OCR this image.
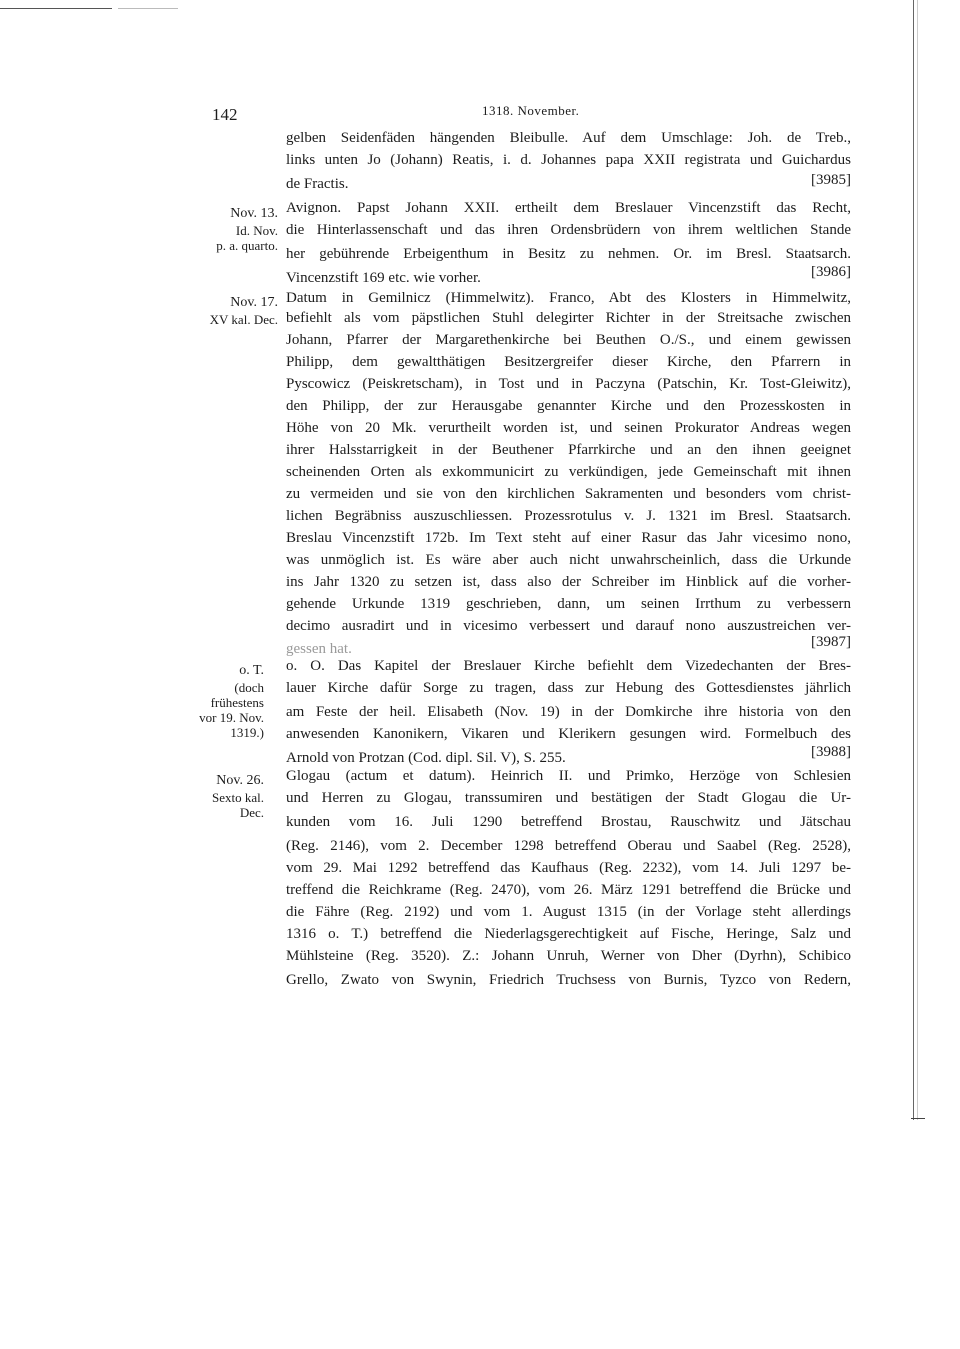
142	1318. November.
gelben Seidenfäden hängenden Bleibulle. Auf dem Umschlage: Joh. de Treb.,
links unten Jo (Johann) Reatis, i. d. Johannes papa XXII registrata und Guichardus
de Fractis.	[3985]
Avignon. Papst Johann XXII. ertheilt dem Breslauer Vincenzstift das Recht,
die Hinterlassenschaft und das ihren Ordensbrüdern von ihrem weltlichen Stande
her gebührende Erbeigenthum in Besitz zu nehmen. Or. im Bresl. Staatsarch.
Vincenzstift 169 etc. wie vorher.	[3986]
Datum in Gemilnicz (Himmelwitz). Franco, Abt des Klosters in Himmelwitz,
befiehlt als vom päpstlichen Stuhl delegirter Richter in der Streitsache zwischen
Johann, Pfarrer der Margarethenkirche bei Beuthen O./S., und einem gewissen
Philipp, dem gewaltthätigen Besitzergreifer dieser Kirche, den Pfarrern in
Pyscowicz (Peiskretscham), in Tost und in Paczyna (Patschin, Kr. Tost-Gleiwitz),
den Philipp, der zur Herausgabe genannter Kirche und den Prozesskosten in
Höhe von 20 Mk. verurtheilt worden ist, und seinen Prokurator Andreas wegen
ihrer Halsstarrigkeit in der Beuthener Pfarrkirche und an den ihnen geeignet
scheinenden Orten als exkommunicirt zu verkündigen, jede Gemeinschaft mit ihnen
zu vermeiden und sie von den kirchlichen Sakramenten und besonders vom christ-
lichen Begräbniss auszuschliessen. Prozessrotulus v. J. 1321 im Bresl. Staatsarch.
Breslau Vincenzstift 172b. Im Text steht auf einer Rasur das Jahr vicesimo nono,
was unmöglich ist. Es wäre aber auch nicht unwahrscheinlich, dass die Urkunde
ins Jahr 1320 zu setzen ist, dass also der Schreiber im Hinblick auf die vorher-
gehende Urkunde 1319 geschrieben, dann, um seinen Irrthum zu verbessern
decimo ausradirt und in vicesimo verbessert und darauf nono auszustreichen ver-
gessen hat.	[3987]
o. O. Das Kapitel der Breslauer Kirche befiehlt dem Vizedechanten der Bres-
lauer Kirche dafür Sorge zu tragen, dass zur Hebung des Gottesdienstes jährlich
am Feste der heil. Elisabeth (Nov. 19) in der Domkirche ihre historia von den
anwesenden Kanonikern, Vikaren und Klerikern gesungen wird. Formelbuch des
Arnold von Protzan (Cod. dipl. Sil. V), S. 255.	[3988]
Glogau (actum et datum). Heinrich II. und Primko, Herzöge von Schlesien
und Herren zu Glogau, transsumiren und bestätigen der Stadt Glogau die Ur-
kunden vom 16. Juli 1290 betreffend Brostau, Rauschwitz und Jätschau
(Reg. 2146), vom 2. December 1298 betreffend Oberau und Saabel (Reg. 2528),
vom 29. Mai 1292 betreffend das Kaufhaus (Reg. 2232), vom 14. Juli 1297 be-
treffend die Reichkrame (Reg. 2470), vom 26. März 1291 betreffend die Brücke und
die Fähre (Reg. 2192) und vom 1. August 1315 (in der Vorlage steht allerdings
1316 o. T.) betreffend die Niederlagsgerechtigkeit auf Fische, Heringe, Salz und
Mühlsteine (Reg. 3520). Z.: Johann Unruh, Werner von Dher (Dyrhn), Schibico
Grello, Zwato von Swynin, Friedrich Truchsess von Burnis, Tyzco von Redern,
Nov. 13.
Id. Nov.
p. a. quarto.
Nov. 17.
XV kal. Dec.
o. T.
(doch
frühestens
vor 19. Nov.
1319.)
Nov. 26.
Sexto kal.
Dec.
